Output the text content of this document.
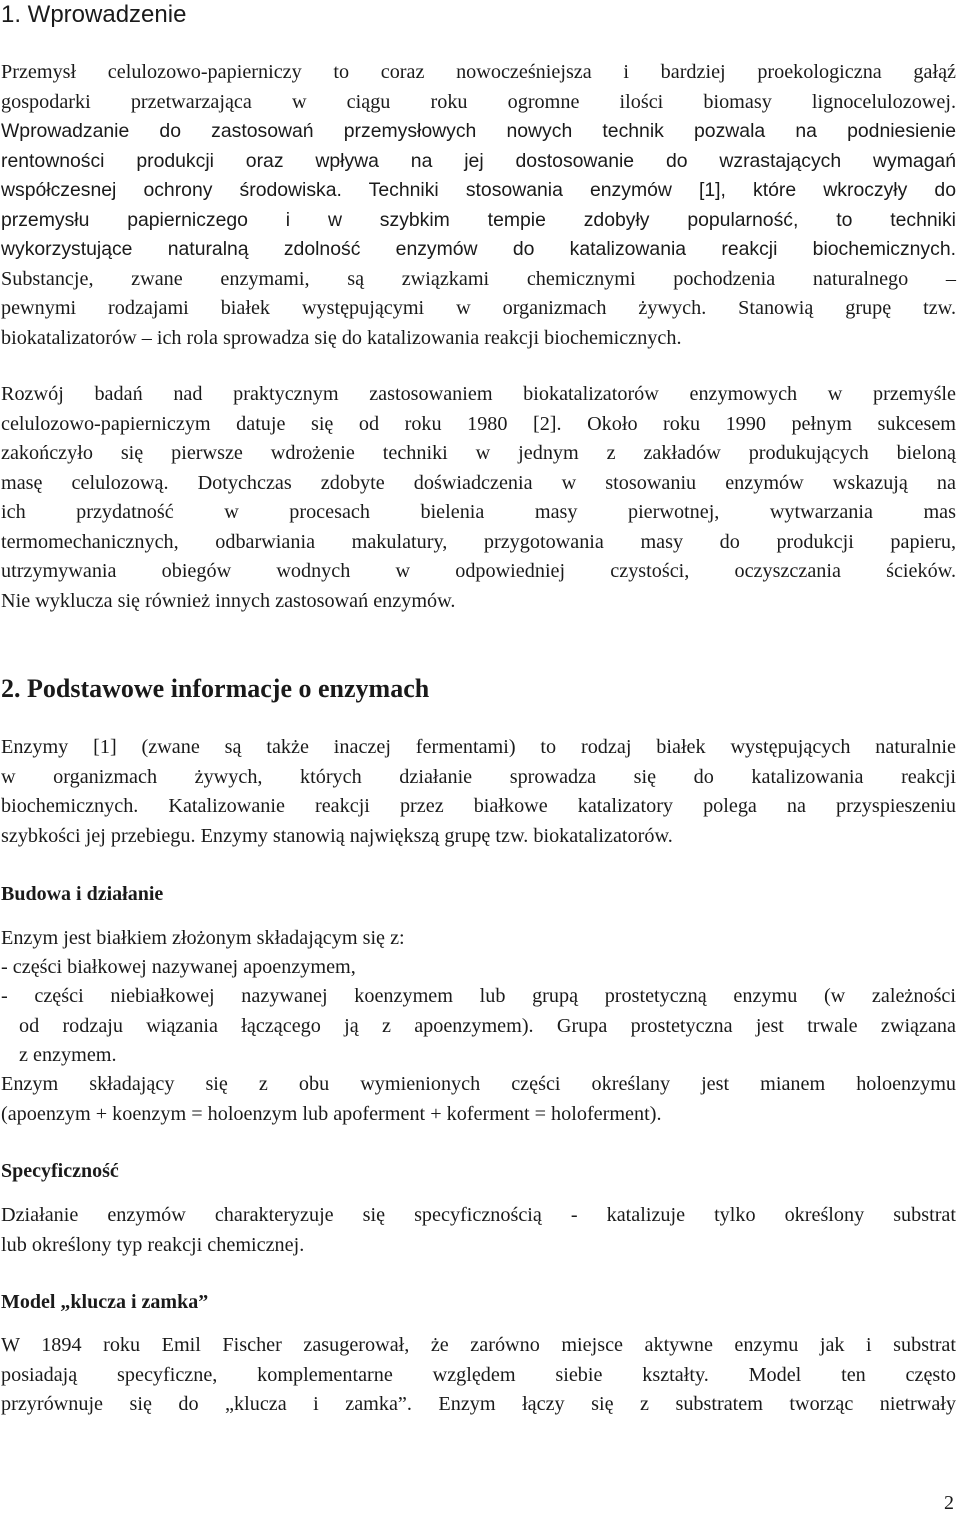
1. Wprowadzenie
Przemysł celulozowo-papierniczy to coraz nowocześniejsza i bardziej proekologiczna gałąź
gospodarki przetwarzająca w ciągu roku ogromne ilości biomasy lignocelulozowej.
Wprowadzanie do zastosowań przemysłowych nowych technik pozwala na podniesienie
rentowności produkcji oraz wpływa na jej dostosowanie do wzrastających wymagań
współczesnej ochrony środowiska. Techniki stosowania enzymów [1], które wkroczyły do
przemysłu papierniczego i w szybkim tempie zdobyły popularność, to techniki
wykorzystujące naturalną zdolność enzymów do katalizowania reakcji biochemicznych.
Substancje, zwane enzymami, są związkami chemicznymi pochodzenia naturalnego –
pewnymi rodzajami białek występującymi w organizmach żywych. Stanowią grupę tzw.
biokatalizatorów – ich rola sprowadza się do katalizowania reakcji biochemicznych.
Rozwój badań nad praktycznym zastosowaniem biokatalizatorów enzymowych w przemyśle
celulozowo-papierniczym datuje się od roku 1980 [2]. Około roku 1990 pełnym sukcesem
zakończyło się pierwsze wdrożenie techniki w jednym z zakładów produkujących bieloną
masę celulozową. Dotychczas zdobyte doświadczenia w stosowaniu enzymów wskazują na
ich przydatność w procesach bielenia masy pierwotnej, wytwarzania mas
termomechanicznych, odbarwiania makulatury, przygotowania masy do produkcji papieru,
utrzymywania obiegów wodnych w odpowiedniej czystości, oczyszczania ścieków.
Nie wyklucza się również innych zastosowań enzymów.
2. Podstawowe informacje o enzymach
Enzymy [1] (zwane są także inaczej fermentami) to rodzaj białek występujących naturalnie
w organizmach żywych, których działanie sprowadza się do katalizowania reakcji
biochemicznych. Katalizowanie reakcji przez białkowe katalizatory polega na przyspieszeniu
szybkości jej przebiegu. Enzymy stanowią największą grupę tzw. biokatalizatorów.
Budowa i działanie
Enzym jest białkiem złożonym składającym się z:
- części białkowej nazywanej apoenzymem,
- części niebiałkowej nazywanej koenzymem lub grupą prostetyczną enzymu (w zależności
od rodzaju wiązania łączącego ją z apoenzymem). Grupa prostetyczna jest trwale związana
z enzymem.
Enzym składający się z obu wymienionych części określany jest mianem holoenzymu
(apoenzym + koenzym = holoenzym lub apoferment + koferment = holoferment).
Specyficzność
Działanie enzymów charakteryzuje się specyficznością - katalizuje tylko określony substrat
lub określony typ reakcji chemicznej.
Model „klucza i zamka”
W 1894 roku Emil Fischer zasugerował, że zarówno miejsce aktywne enzymu jak i substrat
posiadają specyficzne, komplementarne względem siebie kształty. Model ten często
przyrównuje się do „klucza i zamka”. Enzym łączy się z substratem tworząc nietrwały
2
